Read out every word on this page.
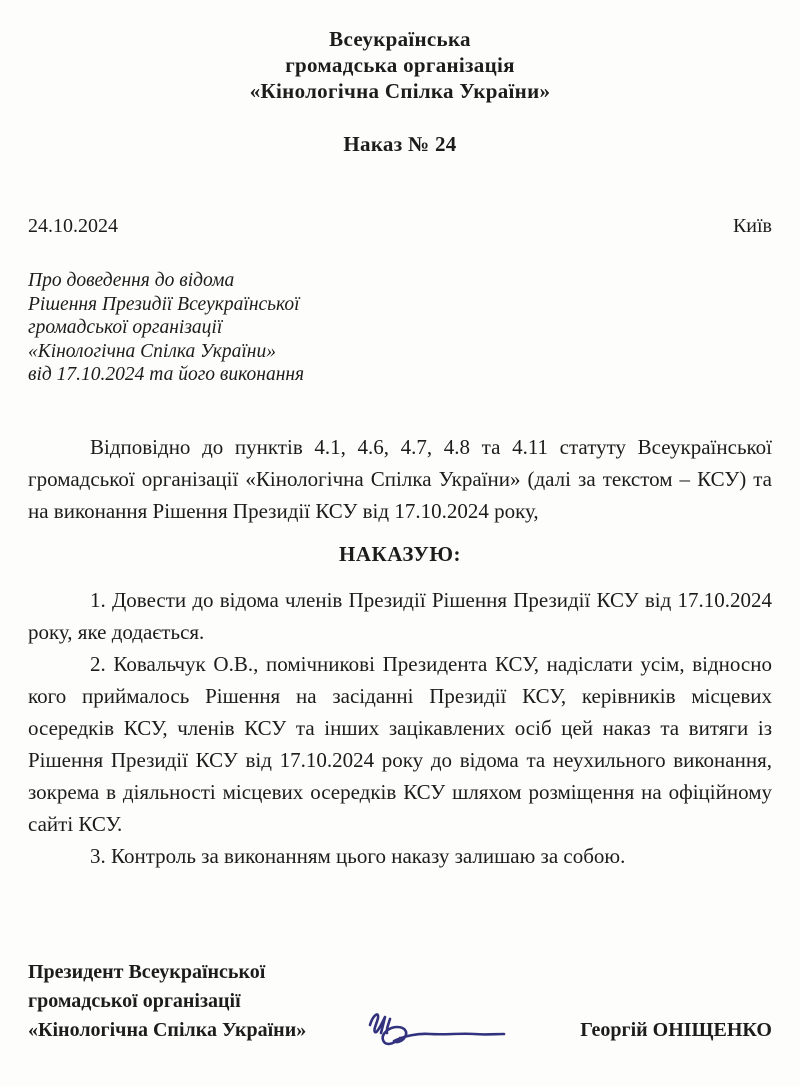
Всеукраїнська
громадська організація
«Кінологічна Спілка України»
Наказ № 24
24.10.2024	Київ
Про доведення до відома
Рішення Президії Всеукраїнської
громадської організації
«Кінологічна Спілка України»
від 17.10.2024 та його виконання

Відповідно до пунктів 4.1, 4.6, 4.7, 4.8 та 4.11 статуту Всеукраїнської громадської організації «Кінологічна Спілка України» (далі за текстом – КСУ) та на виконання Рішення Президії КСУ від 17.10.2024 року,

НАКАЗУЮ:

1. Довести до відома членів Президії Рішення Президії КСУ від 17.10.2024 року, яке додається.

2. Ковальчук О.В., помічникові Президента КСУ, надіслати усім, відносно кого приймалось Рішення на засіданні Президії КСУ, керівників місцевих осередків КСУ, членів КСУ та інших зацікавлених осіб цей наказ та витяги із Рішення Президії КСУ від 17.10.2024 року до відома та неухильного виконання, зокрема в діяльності місцевих осередків КСУ шляхом розміщення на офіційному сайті КСУ.

3. Контроль за виконанням цього наказу залишаю за собою.

Президент Всеукраїнської
громадської організації
«Кінологічна Спілка України»	Георгій ОНІЩЕНКО
